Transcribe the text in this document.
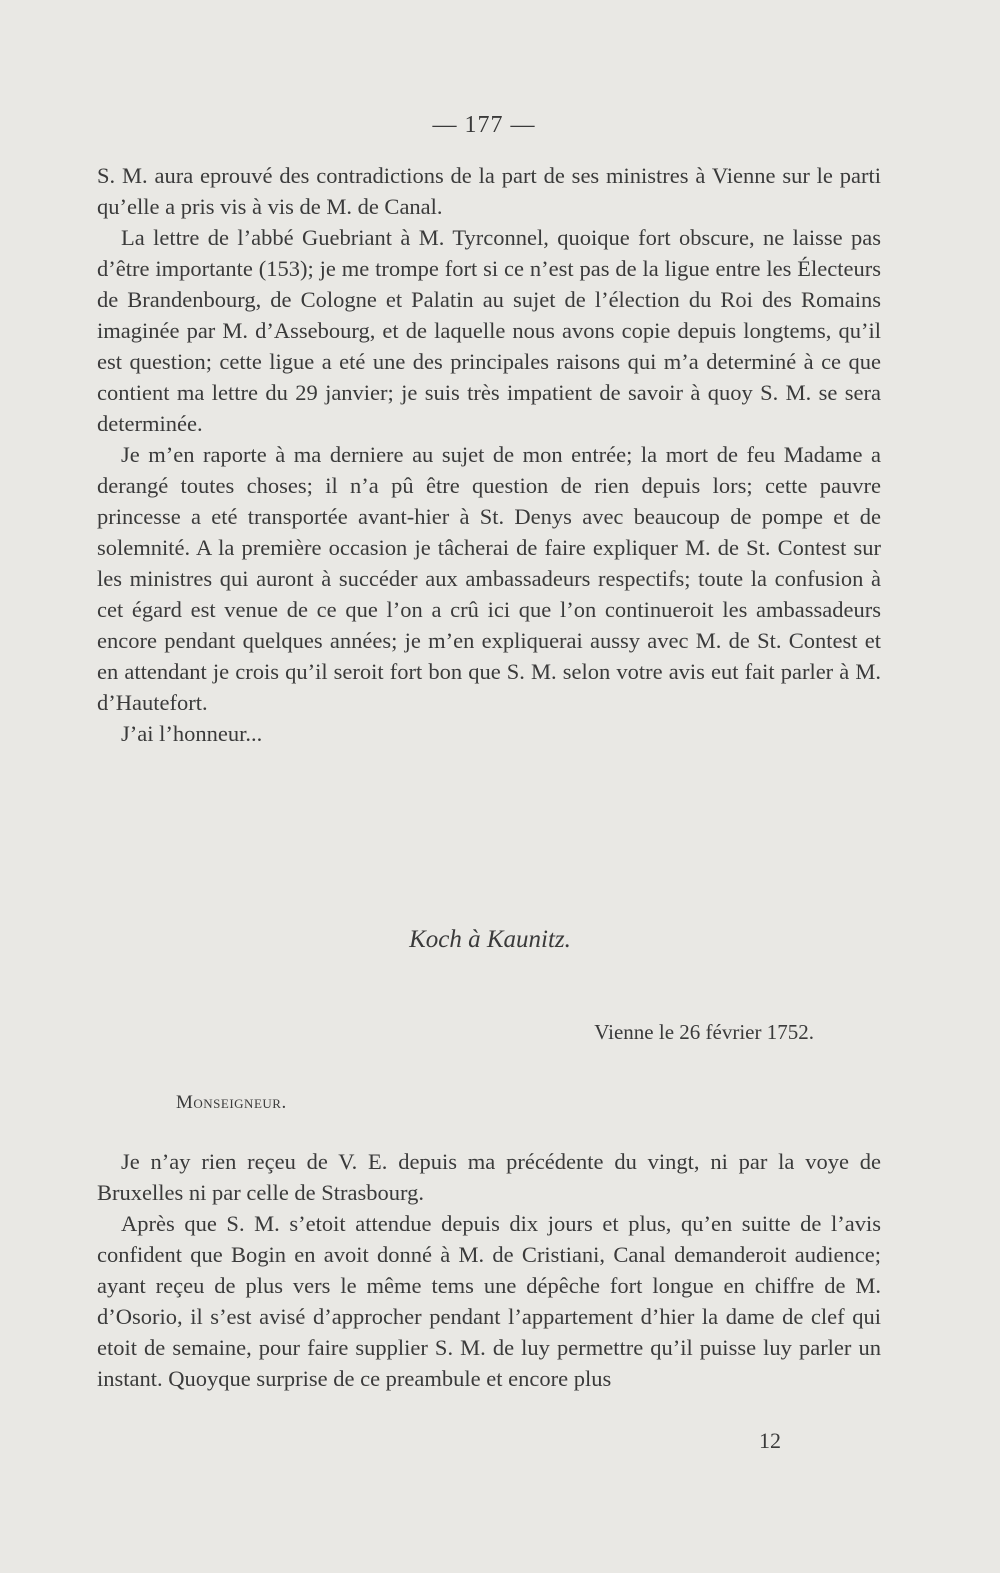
— 177 —

S. M. aura eprouvé des contradictions de la part de ses ministres à Vienne sur le parti qu’elle a pris vis à vis de M. de Canal.

La lettre de l’abbé Guebriant à M. Tyrconnel, quoique fort obscure, ne laisse pas d’être importante (153); je me trompe fort si ce n’est pas de la ligue entre les Électeurs de Brandenbourg, de Cologne et Palatin au sujet de l’élection du Roi des Romains imaginée par M. d’Assebourg, et de laquelle nous avons copie depuis longtems, qu’il est question; cette ligue a eté une des principales raisons qui m’a determiné à ce que contient ma lettre du 29 janvier; je suis très impatient de savoir à quoy S. M. se sera determinée.

Je m’en raporte à ma derniere au sujet de mon entrée; la mort de feu Madame a derangé toutes choses; il n’a pû être question de rien depuis lors; cette pauvre princesse a eté transportée avant-hier à St. Denys avec beaucoup de pompe et de solemnité. A la première occasion je tâcherai de faire expliquer M. de St. Contest sur les ministres qui auront à succéder aux ambassadeurs respectifs; toute la confusion à cet égard est venue de ce que l’on a crû ici que l’on continueroit les ambassadeurs encore pendant quelques années; je m’en expliquerai aussy avec M. de St. Contest et en attendant je crois qu’il seroit fort bon que S. M. selon votre avis eut fait parler à M. d’Hautefort.

J’ai l’honneur...

Koch à Kaunitz.
Vienne le 26 février 1752.
Monseigneur.

Je n’ay rien reçeu de V. E. depuis ma précédente du vingt, ni par la voye de Bruxelles ni par celle de Strasbourg.

Après que S. M. s’etoit attendue depuis dix jours et plus, qu’en suitte de l’avis confident que Bogin en avoit donné à M. de Cristiani, Canal demanderoit audience; ayant reçeu de plus vers le même tems une dépêche fort longue en chiffre de M. d’Osorio, il s’est avisé d’approcher pendant l’appartement d’hier la dame de clef qui etoit de semaine, pour faire supplier S. M. de luy permettre qu’il puisse luy parler un instant. Quoyque surprise de ce preambule et encore plus

12
